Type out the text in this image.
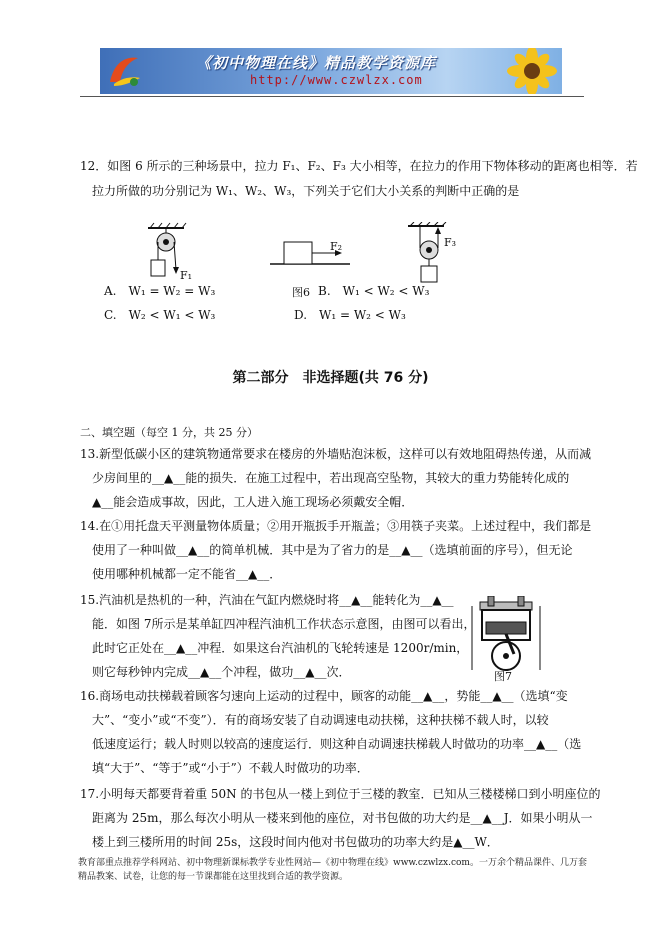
《初中物理在线》精品教学资源库
http://www.czwlzx.com
12．如图 6 所示的三种场景中，拉力 F₁、F₂、F₃ 大小相等，在拉力的作用下物体移动的距离也相等．若
拉力所做的功分别记为 W₁、W₂、W₃，下列关于它们大小关系的判断中正确的是
F₁
F₂	F₃
A.　W₁ = W₂ = W₃	图6 B.　W₁ < W₂ < W₃
C.　W₂ < W₁ < W₃	D.　W₁ = W₂ < W₃
第二部分　非选择题(共 76 分)
二、填空题（每空 1 分，共 25 分）
13.新型低碳小区的建筑物通常要求在楼房的外墙贴泡沫板，这样可以有效地阻碍热传递，从而减
少房间里的__▲__能的损失．在施工过程中，若出现高空坠物，其较大的重力势能转化成的
▲__能会造成事故，因此，工人进入施工现场必须戴安全帽．
14.在①用托盘天平测量物体质量；②用开瓶扳手开瓶盖；③用筷子夹菜。上述过程中，我们都是
使用了一种叫做__▲__的简单机械．其中是为了省力的是__▲__（选填前面的序号），但无论
使用哪种机械都一定不能省__▲__．
15.汽油机是热机的一种，汽油在气缸内燃烧时将__▲__能转化为__▲__
能．如图 7所示是某单缸四冲程汽油机工作状态示意图，由图可以看出，
此时它正处在__▲__冲程．如果这台汽油机的飞轮转速是 1200r/min，
则它每秒钟内完成__▲__个冲程，做功__▲__次．	图7
16.商场电动扶梯载着顾客匀速向上运动的过程中，顾客的动能__▲__，势能__▲__（选填“变
大”、“变小”或“不变”）．有的商场安装了自动调速电动扶梯，这种扶梯不载人时，以较
低速度运行；载人时则以较高的速度运行．则这种自动调速扶梯载人时做功的功率__▲__（选
填“大于”、“等于”或“小于”）不载人时做功的功率．
17.小明每天都要背着重 50N 的书包从一楼上到位于三楼的教室．已知从三楼楼梯口到小明座位的
距离为 25m，那么每次小明从一楼来到他的座位，对书包做的功大约是__▲__J．如果小明从一
楼上到三楼所用的时间 25s，这段时间内他对书包做功的功率大约是▲__W．
教育部重点推荐学科网站、初中物理新课标教学专业性网站—《初中物理在线》www.czwlzx.com。一万余个精品课件、几万套精品教案、试卷，让您的每一节课都能在这里找到合适的教学资源。
